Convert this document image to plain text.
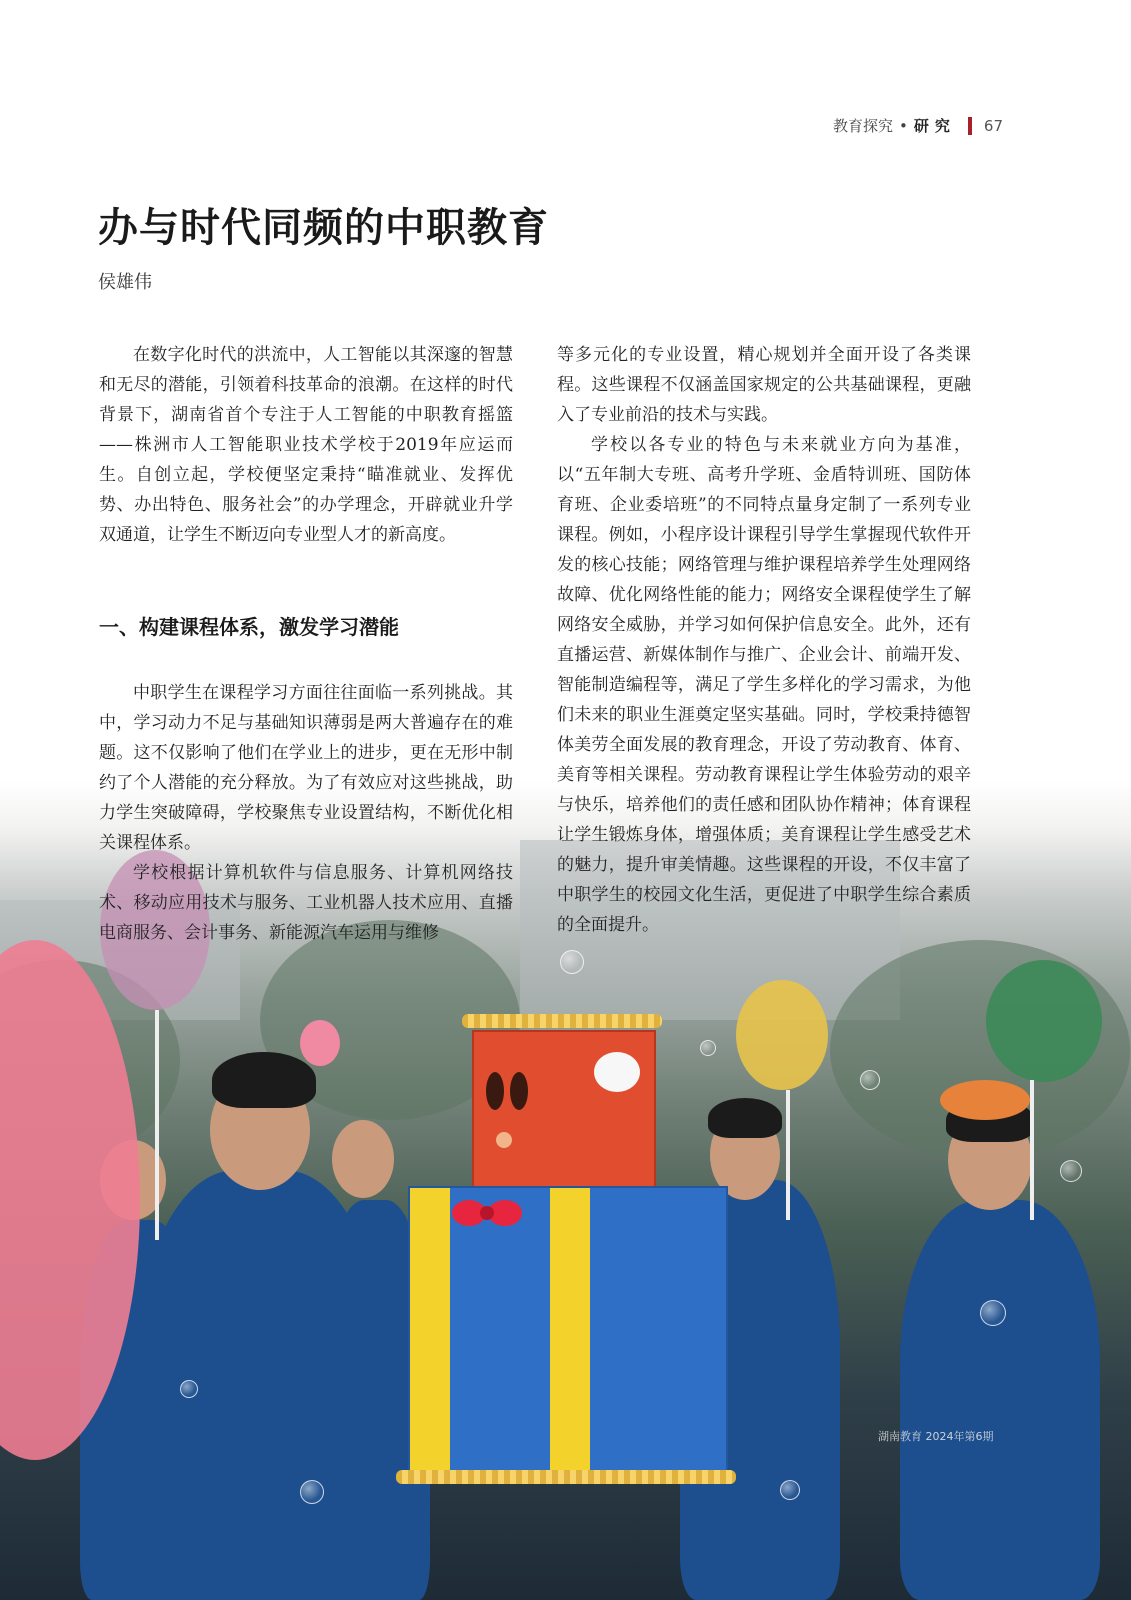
教育探究 • 研究 67
办与时代同频的中职教育
侯雄伟

在数字化时代的洪流中，人工智能以其深邃的智慧和无尽的潜能，引领着科技革命的浪潮。在这样的时代背景下，湖南省首个专注于人工智能的中职教育摇篮——株洲市人工智能职业技术学校于2019年应运而生。自创立起，学校便坚定秉持“瞄准就业、发挥优势、办出特色、服务社会”的办学理念，开辟就业升学双通道，让学生不断迈向专业型人才的新高度。

一、构建课程体系，激发学习潜能

中职学生在课程学习方面往往面临一系列挑战。其中，学习动力不足与基础知识薄弱是两大普遍存在的难题。这不仅影响了他们在学业上的进步，更在无形中制约了个人潜能的充分释放。为了有效应对这些挑战，助力学生突破障碍，学校聚焦专业设置结构，不断优化相关课程体系。

学校根据计算机软件与信息服务、计算机网络技术、移动应用技术与服务、工业机器人技术应用、直播电商服务、会计事务、新能源汽车运用与维修

等多元化的专业设置，精心规划并全面开设了各类课程。这些课程不仅涵盖国家规定的公共基础课程，更融入了专业前沿的技术与实践。

学校以各专业的特色与未来就业方向为基准，以“五年制大专班、高考升学班、金盾特训班、国防体育班、企业委培班”的不同特点量身定制了一系列专业课程。例如，小程序设计课程引导学生掌握现代软件开发的核心技能；网络管理与维护课程培养学生处理网络故障、优化网络性能的能力；网络安全课程使学生了解网络安全威胁，并学习如何保护信息安全。此外，还有直播运营、新媒体制作与推广、企业会计、前端开发、智能制造编程等，满足了学生多样化的学习需求，为他们未来的职业生涯奠定坚实基础。同时，学校秉持德智体美劳全面发展的教育理念，开设了劳动教育、体育、美育等相关课程。劳动教育课程让学生体验劳动的艰辛与快乐，培养他们的责任感和团队协作精神；体育课程让学生锻炼身体，增强体质；美育课程让学生感受艺术的魅力，提升审美情趣。这些课程的开设，不仅丰富了中职学生的校园文化生活，更促进了中职学生综合素质的全面提升。

湖南教育 2024年第6期
